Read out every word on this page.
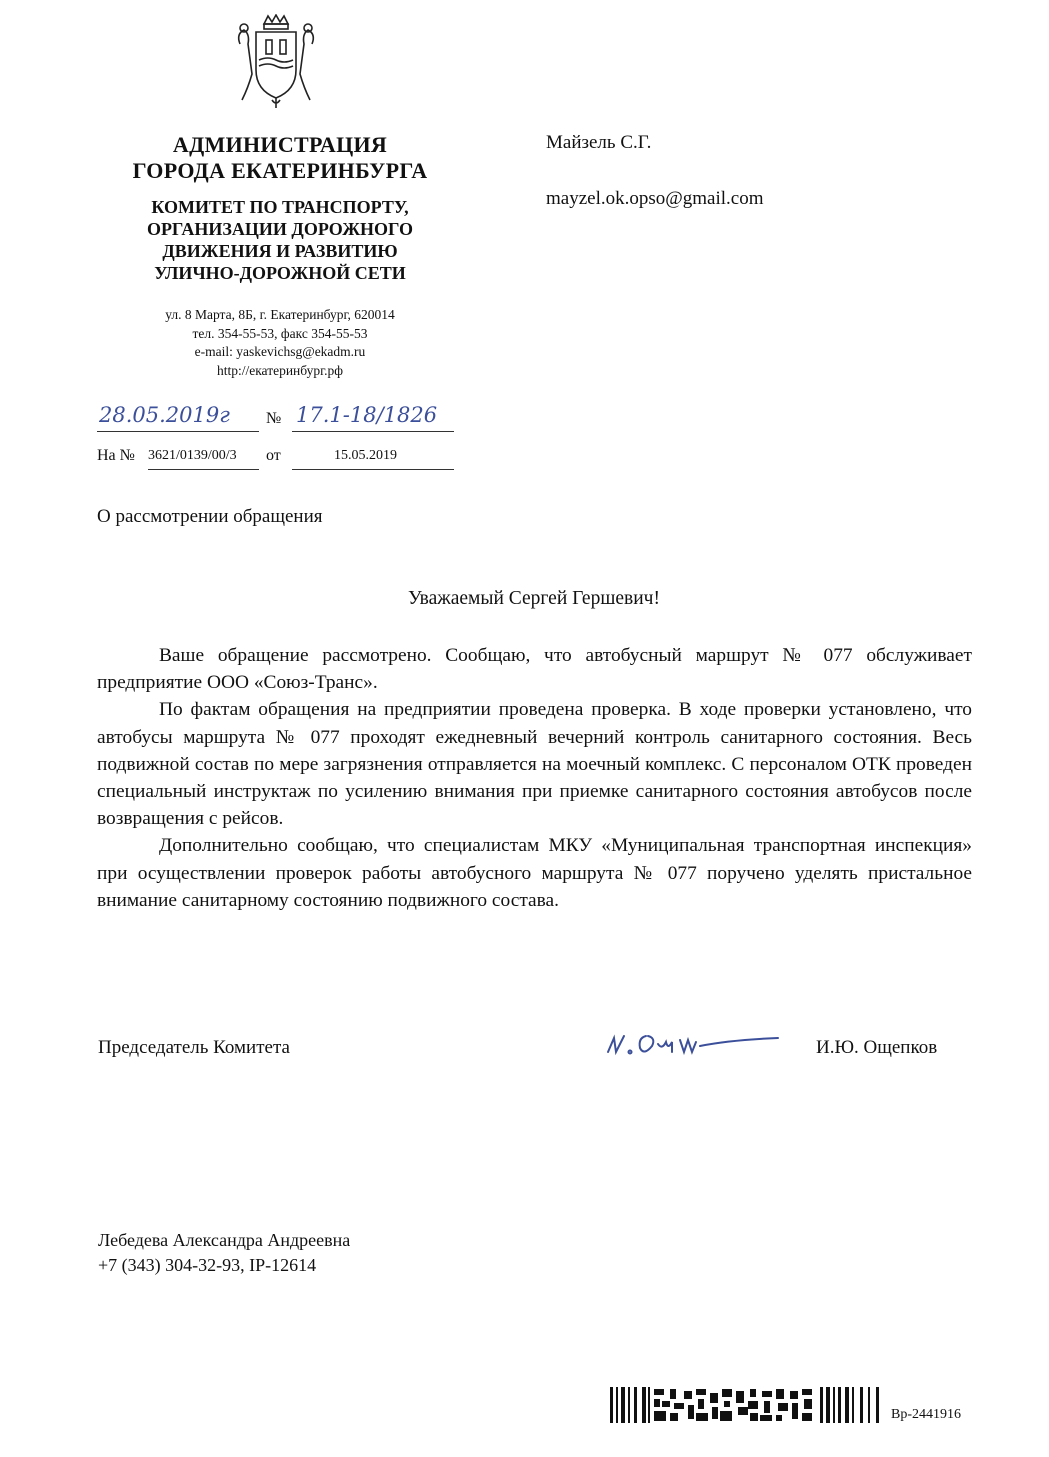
АДМИНИСТРАЦИЯ
ГОРОДА ЕКАТЕРИНБУРГА
КОМИТЕТ ПО ТРАНСПОРТУ,
ОРГАНИЗАЦИИ ДОРОЖНОГО
ДВИЖЕНИЯ И РАЗВИТИЮ
УЛИЧНО-ДОРОЖНОЙ СЕТИ
ул. 8 Марта, 8Б, г. Екатеринбург, 620014
тел. 354-55-53, факс 354-55-53
e-mail: yaskevichsg@ekadm.ru
http://екатеринбург.рф
Майзель С.Г.
mayzel.ok.opso@gmail.com
28.05.2019г № 17.1-18/1826
На № 3621/0139/00/3 от	15.05.2019
О рассмотрении обращения
Уважаемый Сергей Гершевич!

Ваше обращение рассмотрено. Сообщаю, что автобусный маршрут № 077 обслуживает предприятие ООО «Союз-Транс».

По фактам обращения на предприятии проведена проверка. В ходе проверки установлено, что автобусы маршрута № 077 проходят ежедневный вечерний контроль санитарного состояния. Весь подвижной состав по мере загрязнения отправляется на моечный комплекс. С персоналом ОТК проведен специальный инструктаж по усилению внимания при приемке санитарного состояния автобусов после возвращения с рейсов.

Дополнительно сообщаю, что специалистам МКУ «Муниципальная транспортная инспекция» при осуществлении проверок работы автобусного маршрута № 077 поручено уделять пристальное внимание санитарному состоянию подвижного состава.

Председатель Комитета	И.Ю. Ощепков
Лебедева Александра Андреевна
+7 (343) 304-32-93, IP-12614
Вр-2441916
